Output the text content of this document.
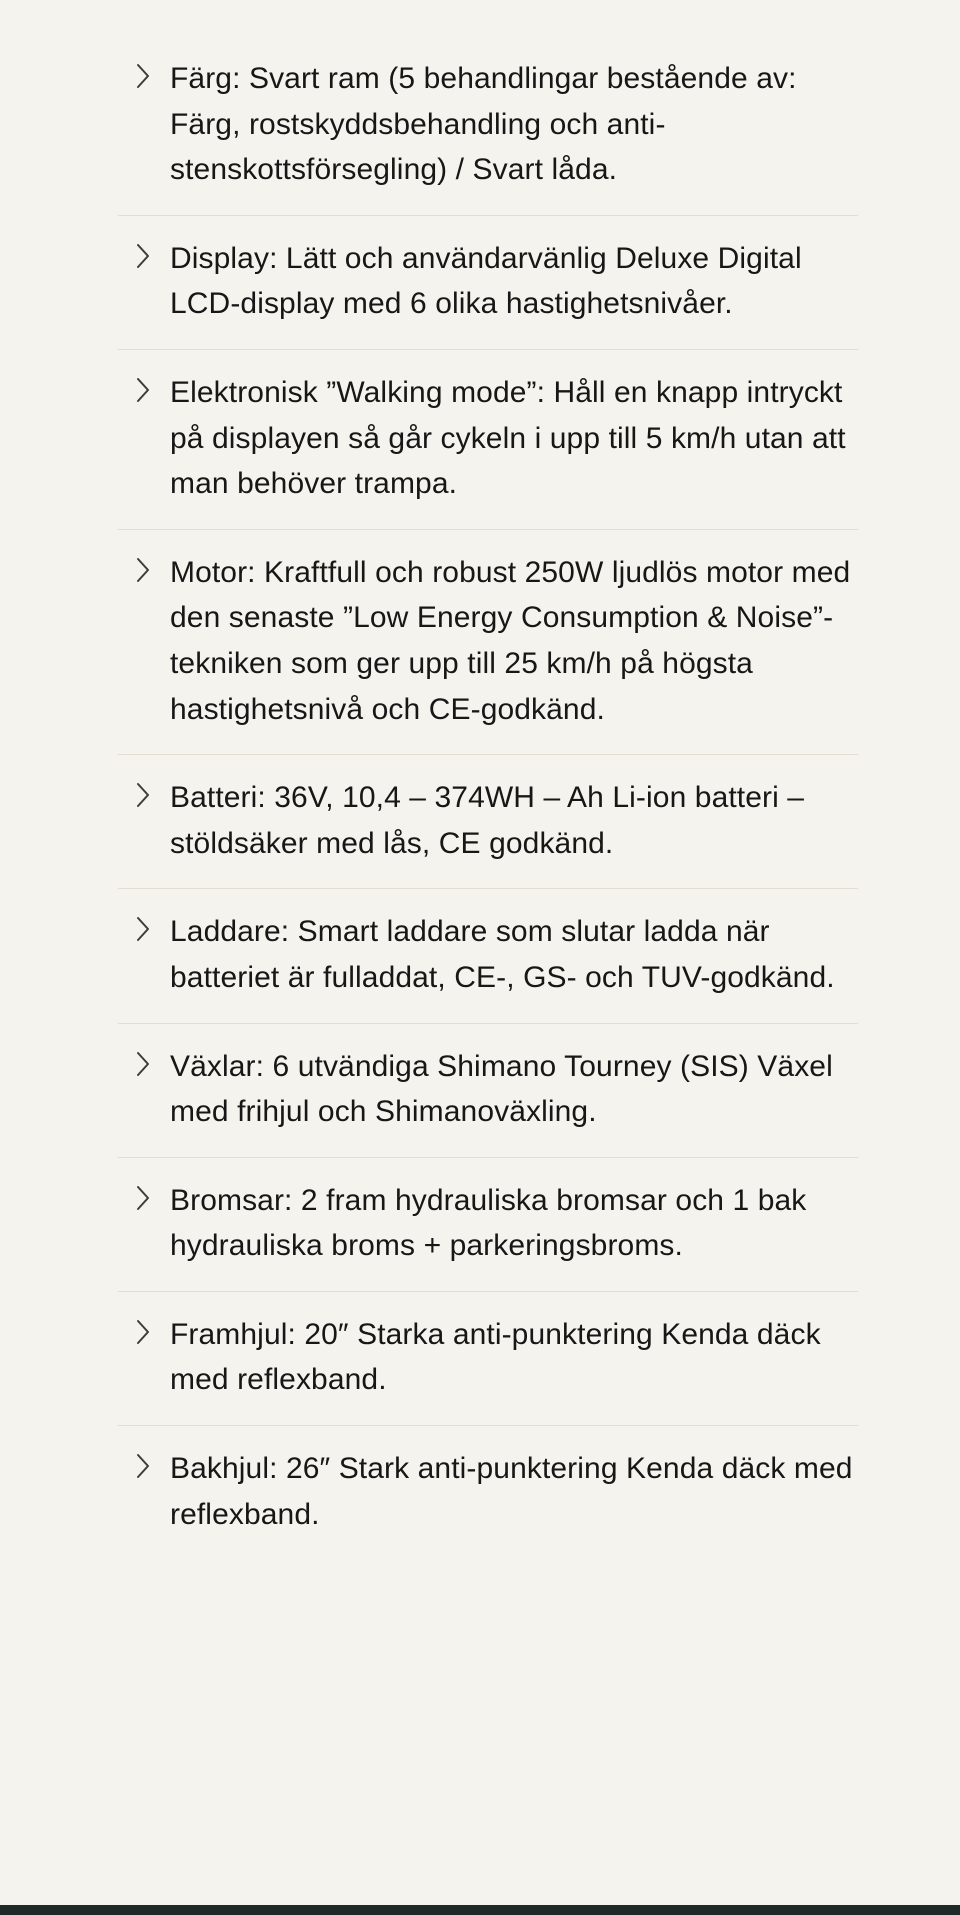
Färg: Svart ram (5 behandlingar bestående av: Färg, rostskyddsbehandling och anti-stenskottsförsegling) / Svart låda.
Display: Lätt och användarvänlig Deluxe Digital LCD-display med 6 olika hastighetsnivåer.
Elektronisk ”Walking mode”: Håll en knapp intryckt på displayen så går cykeln i upp till 5 km/h utan att man behöver trampa.
Motor: Kraftfull och robust 250W ljudlös motor med den senaste ”Low Energy Consumption & Noise”-tekniken som ger upp till 25 km/h på högsta hastighetsnivå och CE-godkänd.
Batteri: 36V, 10,4 – 374WH – Ah Li-ion batteri – stöldsäker med lås, CE godkänd.
Laddare: Smart laddare som slutar ladda när batteriet är fulladdat, CE-, GS- och TUV-godkänd.
Växlar: 6 utvändiga Shimano Tourney (SIS) Växel med frihjul och Shimanoväxling.
Bromsar: 2 fram hydrauliska bromsar och 1 bak hydrauliska broms + parkeringsbroms.
Framhjul: 20″ Starka anti-punktering Kenda däck med reflexband.
Bakhjul: 26″ Stark anti-punktering Kenda däck med reflexband.
